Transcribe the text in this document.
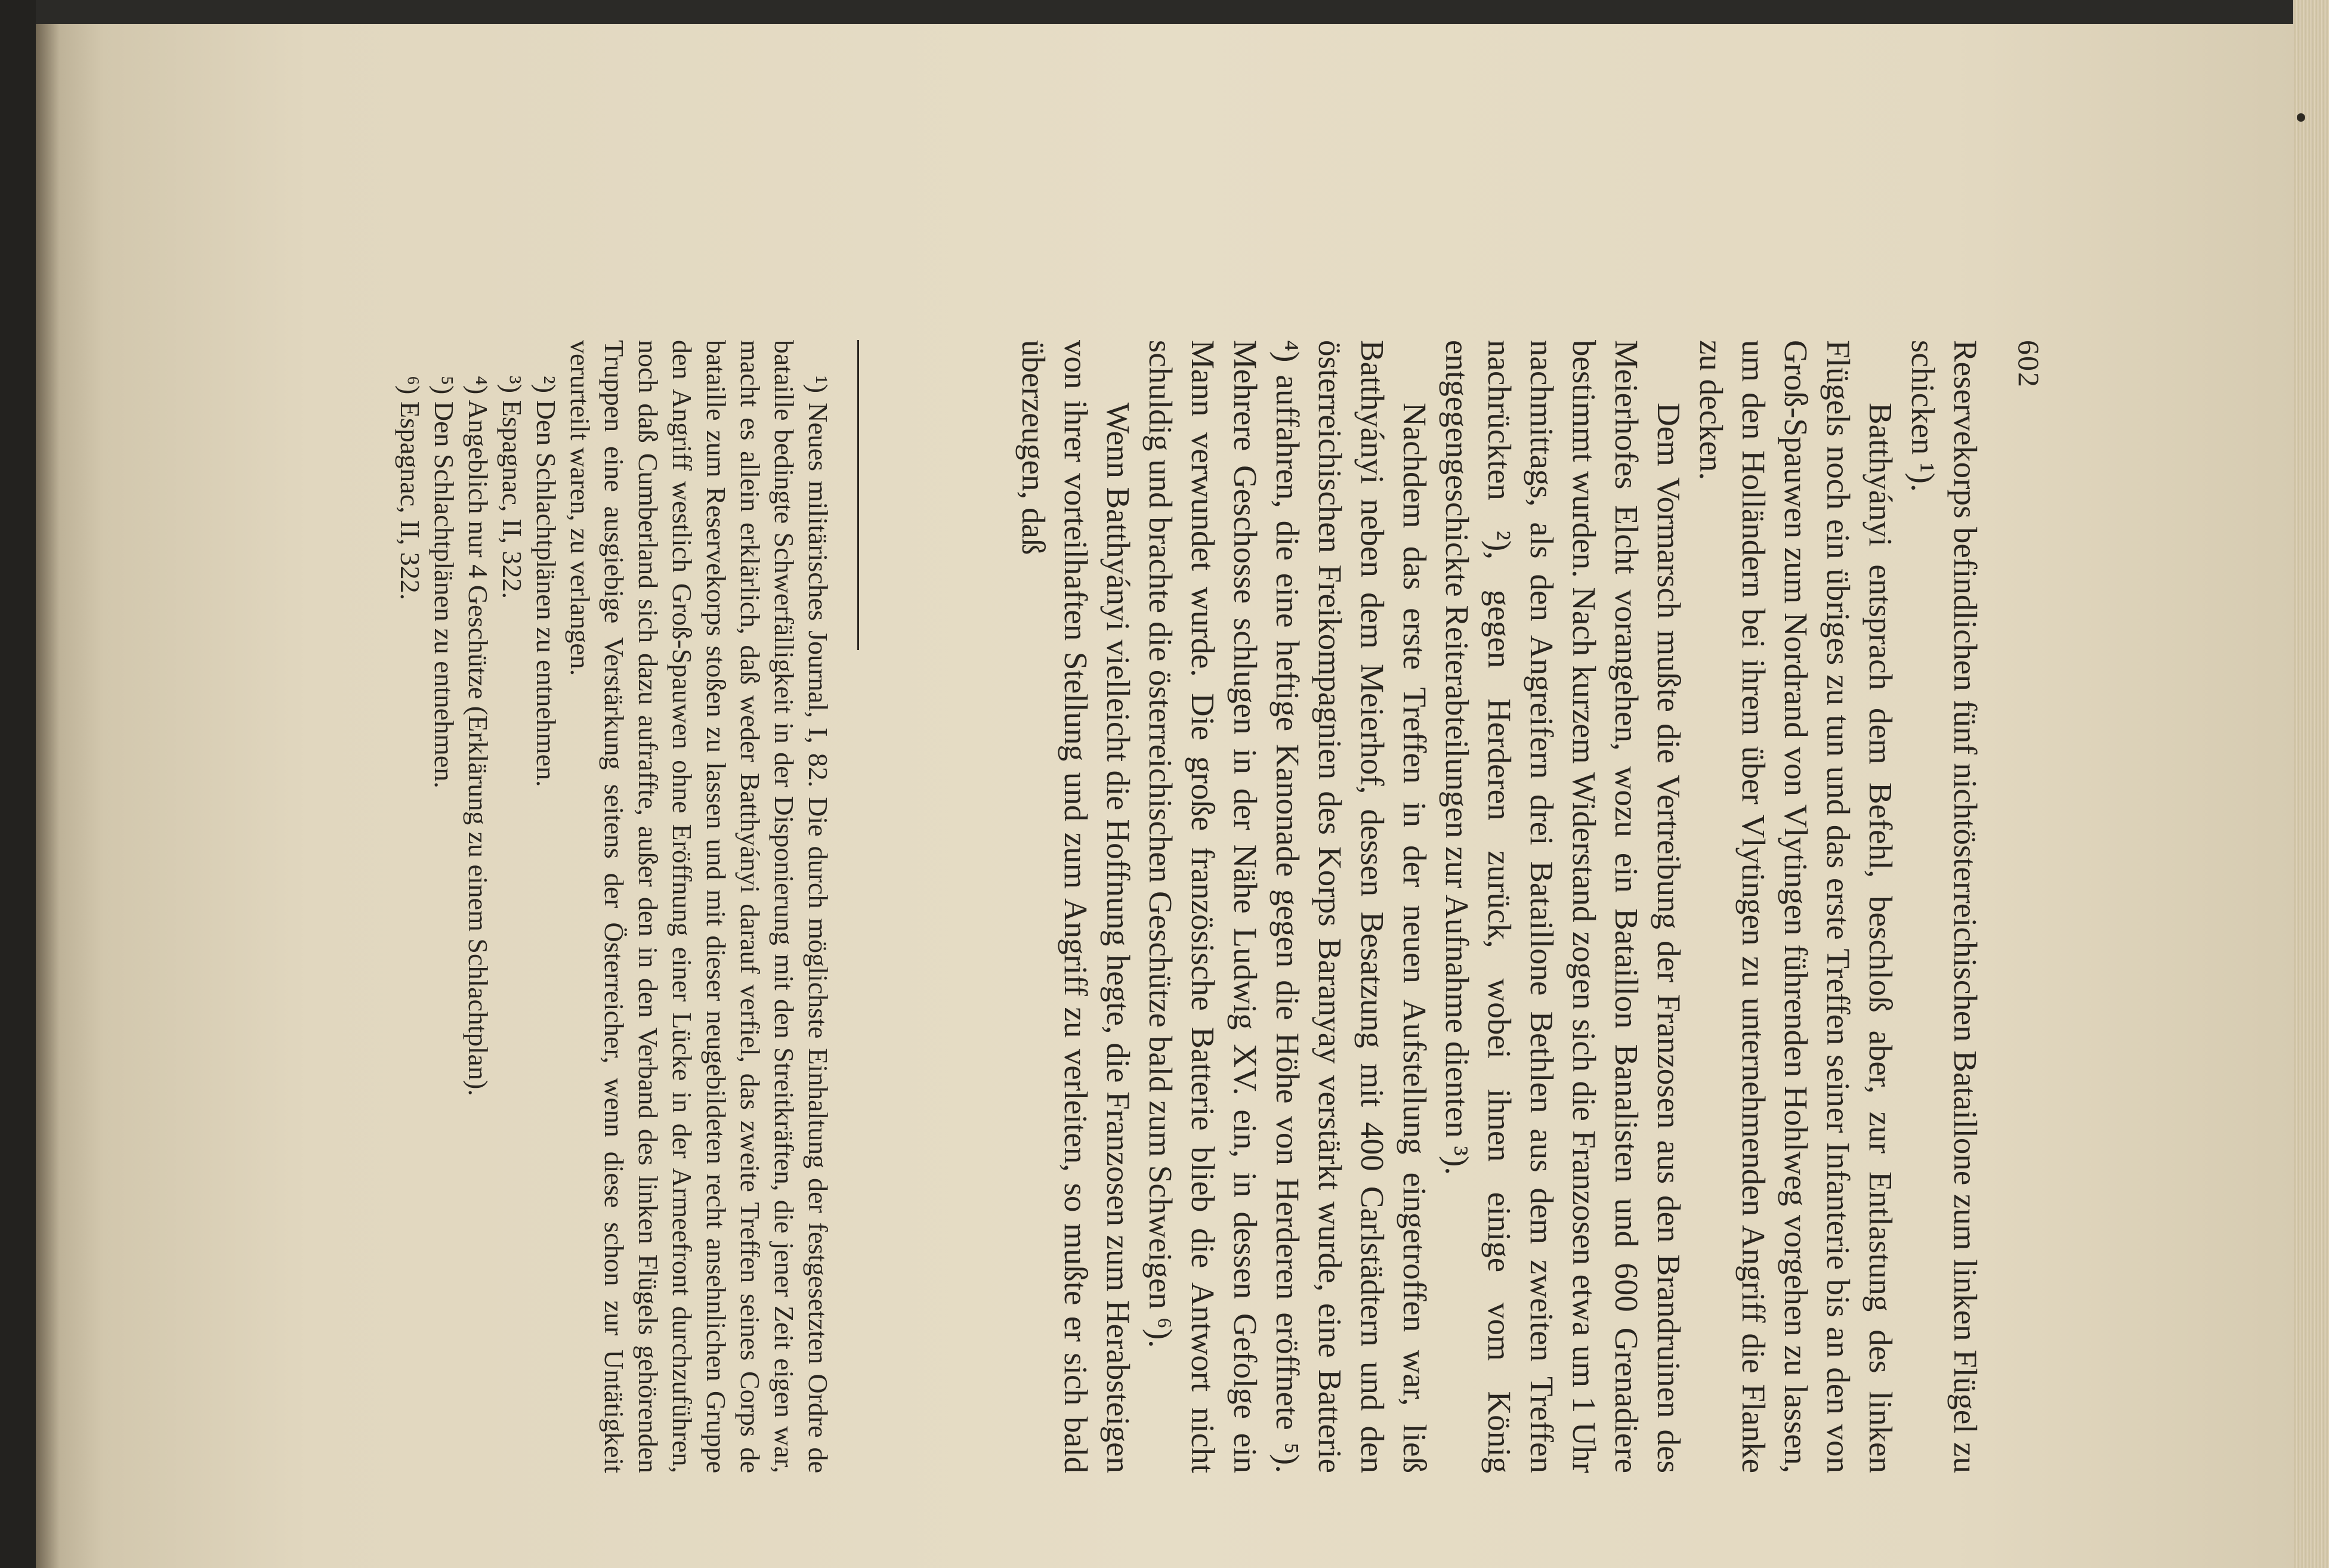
602

Reservekorps befindlichen fünf nichtösterreichischen Bataillone zum linken Flügel zu schicken ¹).

Batthyányi entsprach dem Befehl, beschloß aber, zur Entlastung des linken Flügels noch ein übriges zu tun und das erste Treffen seiner Infanterie bis an den von Groß-Spauwen zum Nordrand von Vlytingen führenden Hohlweg vorgehen zu lassen, um den Holländern bei ihrem über Vlytingen zu unternehmenden Angriff die Flanke zu decken.

Dem Vormarsch mußte die Vertreibung der Franzosen aus den Brandruinen des Meierhofes Elcht vorangehen, wozu ein Bataillon Banalisten und 600 Grenadiere bestimmt wurden. Nach kurzem Widerstand zogen sich die Franzosen etwa um 1 Uhr nachmittags, als den Angreifern drei Bataillone Bethlen aus dem zweiten Treffen nachrückten ²), gegen Herderen zurück, wobei ihnen einige vom König entgegengeschickte Reiterabteilungen zur Aufnahme dienten ³).

Nachdem das erste Treffen in der neuen Aufstellung eingetroffen war, ließ Batthyányi neben dem Meierhof, dessen Besatzung mit 400 Carlstädtern und den österreichischen Freikompagnien des Korps Baranyay verstärkt wurde, eine Batterie ⁴) auffahren, die eine heftige Kanonade gegen die Höhe von Herderen eröffnete ⁵). Mehrere Geschosse schlugen in der Nähe Ludwig XV. ein, in dessen Gefolge ein Mann verwundet wurde. Die große französische Batterie blieb die Antwort nicht schuldig und brachte die österreichischen Geschütze bald zum Schweigen ⁶).

Wenn Batthyányi vielleicht die Hoffnung hegte, die Franzosen zum Herabsteigen von ihrer vorteilhaften Stellung und zum Angriff zu verleiten, so mußte er sich bald überzeugen, daß

¹) Neues militärisches Journal, I, 82. Die durch möglichste Einhaltung der festgesetzten Ordre de bataille bedingte Schwerfälligkeit in der Disponierung mit den Streitkräften, die jener Zeit eigen war, macht es allein erklärlich, daß weder Batthyányi darauf verfiel, das zweite Treffen seines Corps de bataille zum Reservekorps stoßen zu lassen und mit dieser neugebildeten recht ansehnlichen Gruppe den Angriff westlich Groß-Spauwen ohne Eröffnung einer Lücke in der Armeefront durchzuführen, noch daß Cumberland sich dazu aufraffte, außer den in den Verband des linken Flügels gehörenden Truppen eine ausgiebige Verstärkung seitens der Österreicher, wenn diese schon zur Untätigkeit verurteilt waren, zu verlangen.

²) Den Schlachtplänen zu entnehmen.

³) Espagnac, II, 322.

⁴) Angeblich nur 4 Geschütze (Erklärung zu einem Schlachtplan).

⁵) Den Schlachtplänen zu entnehmen.

⁶) Espagnac, II, 322.
